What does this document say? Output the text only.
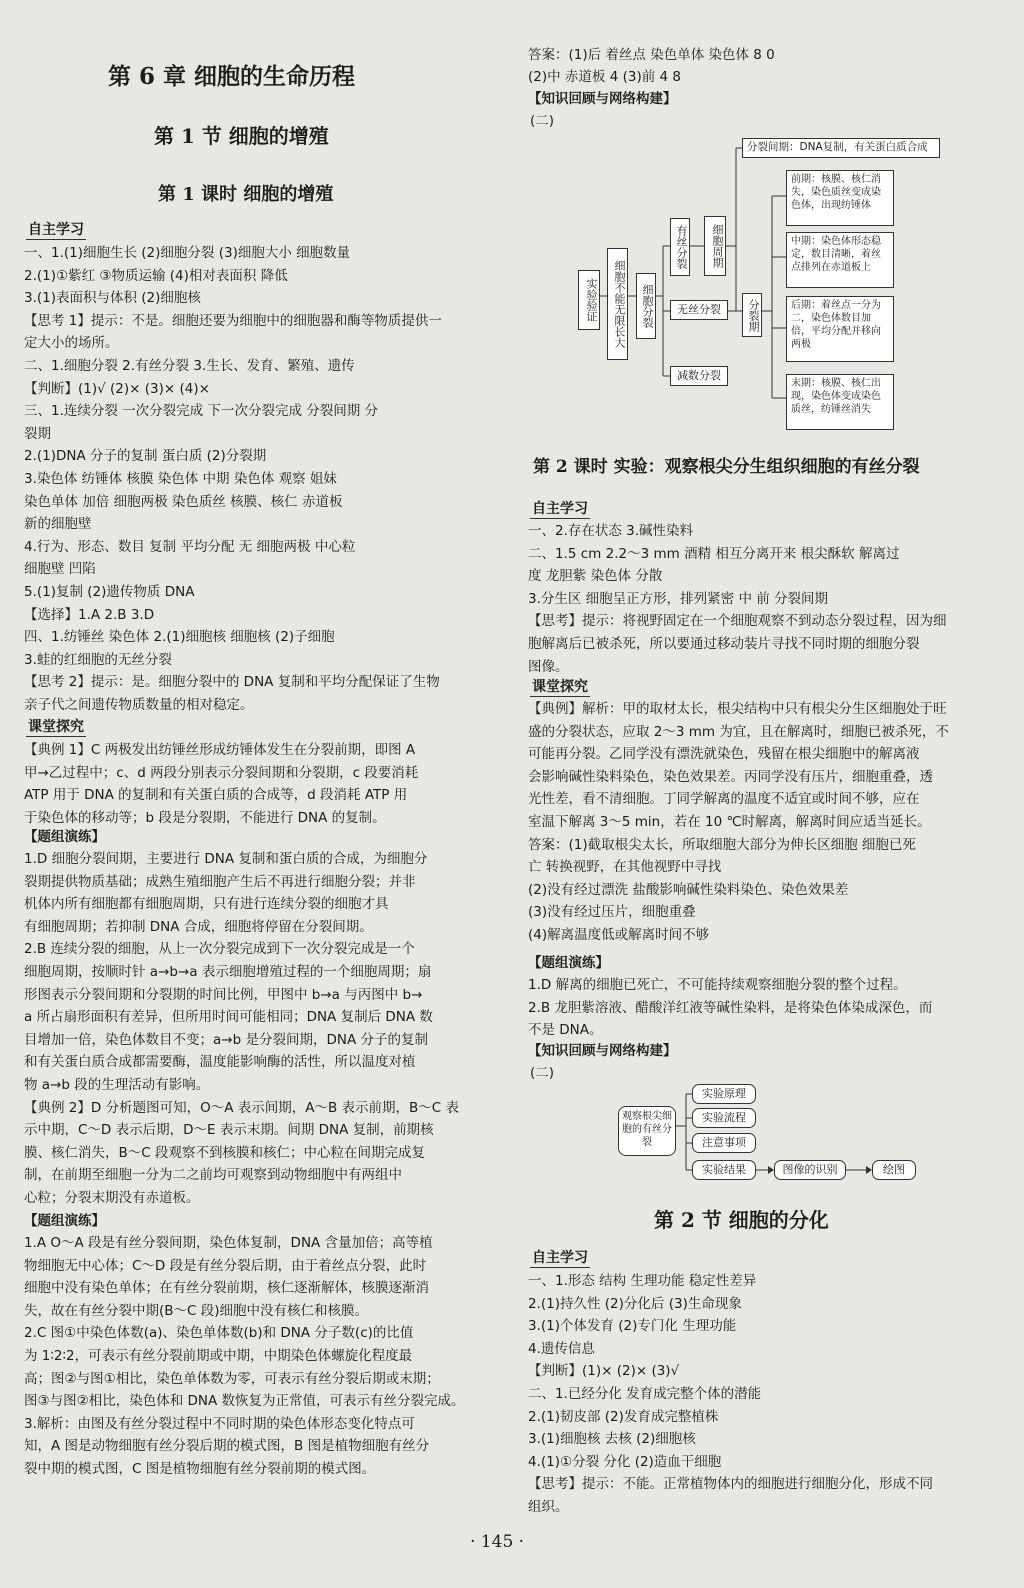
第 6 章 细胞的生命历程
第 1 节 细胞的增殖
第 1 课时 细胞的增殖
自主学习
一、1.(1)细胞生长 (2)细胞分裂 (3)细胞大小 细胞数量
2.(1)①紫红 ③物质运输 (4)相对表面积 降低
3.(1)表面积与体积 (2)细胞核
【思考 1】提示：不是。细胞还要为细胞中的细胞器和酶等物质提供一
定大小的场所。
二、1.细胞分裂 2.有丝分裂 3.生长、发育、繁殖、遗传
【判断】(1)√ (2)× (3)× (4)×
三、1.连续分裂 一次分裂完成 下一次分裂完成 分裂间期 分
裂期
2.(1)DNA 分子的复制 蛋白质 (2)分裂期
3.染色体 纺锤体 核膜 染色体 中期 染色体 观察 姐妹
染色单体 加倍 细胞两极 染色质丝 核膜、核仁 赤道板
新的细胞壁
4.行为、形态、数目 复制 平均分配 无 细胞两极 中心粒
细胞壁 凹陷
5.(1)复制 (2)遗传物质 DNA
【选择】1.A 2.B 3.D
四、1.纺锤丝 染色体 2.(1)细胞核 细胞核 (2)子细胞
3.蛙的红细胞的无丝分裂
【思考 2】提示：是。细胞分裂中的 DNA 复制和平均分配保证了生物
亲子代之间遗传物质数量的相对稳定。
课堂探究
【典例 1】C 两极发出纺锤丝形成纺锤体发生在分裂前期，即图 A
甲→乙过程中；c、d 两段分别表示分裂间期和分裂期，c 段要消耗
ATP 用于 DNA 的复制和有关蛋白质的合成等，d 段消耗 ATP 用
于染色体的移动等；b 段是分裂期，不能进行 DNA 的复制。
【题组演练】
1.D 细胞分裂间期，主要进行 DNA 复制和蛋白质的合成，为细胞分
裂期提供物质基础；成熟生殖细胞产生后不再进行细胞分裂；并非
机体内所有细胞都有细胞周期，只有进行连续分裂的细胞才具
有细胞周期；若抑制 DNA 合成，细胞将停留在分裂间期。
2.B 连续分裂的细胞，从上一次分裂完成到下一次分裂完成是一个
细胞周期，按顺时针 a→b→a 表示细胞增殖过程的一个细胞周期；扇
形图表示分裂间期和分裂期的时间比例，甲图中 b→a 与丙图中 b→
a 所占扇形面积有差异，但所用时间可能相同；DNA 复制后 DNA 数
目增加一倍，染色体数目不变；a→b 是分裂间期，DNA 分子的复制
和有关蛋白质合成都需要酶，温度能影响酶的活性，所以温度对植
物 a→b 段的生理活动有影响。
【典例 2】D 分析题图可知，O～A 表示间期，A～B 表示前期，B～C 表
示中期，C～D 表示后期，D～E 表示末期。间期 DNA 复制，前期核
膜、核仁消失，B～C 段观察不到核膜和核仁；中心粒在间期完成复
制，在前期至细胞一分为二之前均可观察到动物细胞中有两组中
心粒；分裂末期没有赤道板。
【题组演练】
1.A O～A 段是有丝分裂间期，染色体复制，DNA 含量加倍；高等植
物细胞无中心体；C～D 段是有丝分裂后期，由于着丝点分裂，此时
细胞中没有染色单体；在有丝分裂前期，核仁逐渐解体，核膜逐渐消
失，故在有丝分裂中期(B～C 段)细胞中没有核仁和核膜。
2.C 图①中染色体数(a)、染色单体数(b)和 DNA 分子数(c)的比值
为 1∶2∶2，可表示有丝分裂前期或中期，中期染色体螺旋化程度最
高；图②与图①相比，染色单体数为零，可表示有丝分裂后期或末期；
图③与图②相比，染色体和 DNA 数恢复为正常值，可表示有丝分裂完成。
3.解析：由图及有丝分裂过程中不同时期的染色体形态变化特点可
知，A 图是动物细胞有丝分裂后期的模式图，B 图是植物细胞有丝分
裂中期的模式图，C 图是植物细胞有丝分裂前期的模式图。
答案：(1)后 着丝点 染色单体 染色体 8 0
(2)中 赤道板 4 (3)前 4 8
【知识回顾与网络构建】
(二)
实验验证	细胞不能无限长大	细胞分裂
有丝分裂	细胞周期
分裂间期：DNA复制，有关蛋白质合成
分裂期
无丝分裂
减数分裂
前期：核膜、核仁消失，染色质丝变成染色体，出现纺锤体
中期：染色体形态稳定，数目清晰，着丝点排列在赤道板上
后期：着丝点一分为二，染色体数目加倍，平均分配并移向两极
末期：核膜、核仁出现，染色体变成染色质丝，纺锤丝消失
第 2 课时 实验：观察根尖分生组织细胞的有丝分裂
自主学习
一、2.存在状态 3.碱性染料
二、1.5 cm 2.2～3 mm 酒精 相互分离开来 根尖酥软 解离过
度 龙胆紫 染色体 分散
3.分生区 细胞呈正方形，排列紧密 中 前 分裂间期
【思考】提示：将视野固定在一个细胞观察不到动态分裂过程，因为细
胞解离后已被杀死，所以要通过移动装片寻找不同时期的细胞分裂
图像。
课堂探究
【典例】解析：甲的取材太长，根尖结构中只有根尖分生区细胞处于旺
盛的分裂状态，应取 2～3 mm 为宜，且在解离时，细胞已被杀死，不
可能再分裂。乙同学没有漂洗就染色，残留在根尖细胞中的解离液
会影响碱性染料染色，染色效果差。丙同学没有压片，细胞重叠，透
光性差，看不清细胞。丁同学解离的温度不适宜或时间不够，应在
室温下解离 3～5 min，若在 10 ℃时解离，解离时间应适当延长。
答案：(1)截取根尖太长，所取细胞大部分为伸长区细胞 细胞已死
亡 转换视野，在其他视野中寻找
(2)没有经过漂洗 盐酸影响碱性染料染色、染色效果差
(3)没有经过压片，细胞重叠
(4)解离温度低或解离时间不够
【题组演练】
1.D 解离的细胞已死亡，不可能持续观察细胞分裂的整个过程。
2.B 龙胆紫溶液、醋酸洋红液等碱性染料，是将染色体染成深色，而
不是 DNA。
【知识回顾与网络构建】
(二)
观察根尖细胞的有丝分裂
实验原理
实验流程
注意事项
实验结果	图像的识别	绘图
第 2 节 细胞的分化
自主学习
一、1.形态 结构 生理功能 稳定性差异
2.(1)持久性 (2)分化后 (3)生命现象
3.(1)个体发育 (2)专门化 生理功能
4.遗传信息
【判断】(1)× (2)× (3)√
二、1.已经分化 发育成完整个体的潜能
2.(1)韧皮部 (2)发育成完整植株
3.(1)细胞核 去核 (2)细胞核
4.(1)①分裂 分化 (2)造血干细胞
【思考】提示：不能。正常植物体内的细胞进行细胞分化，形成不同
组织。
· 145 ·
